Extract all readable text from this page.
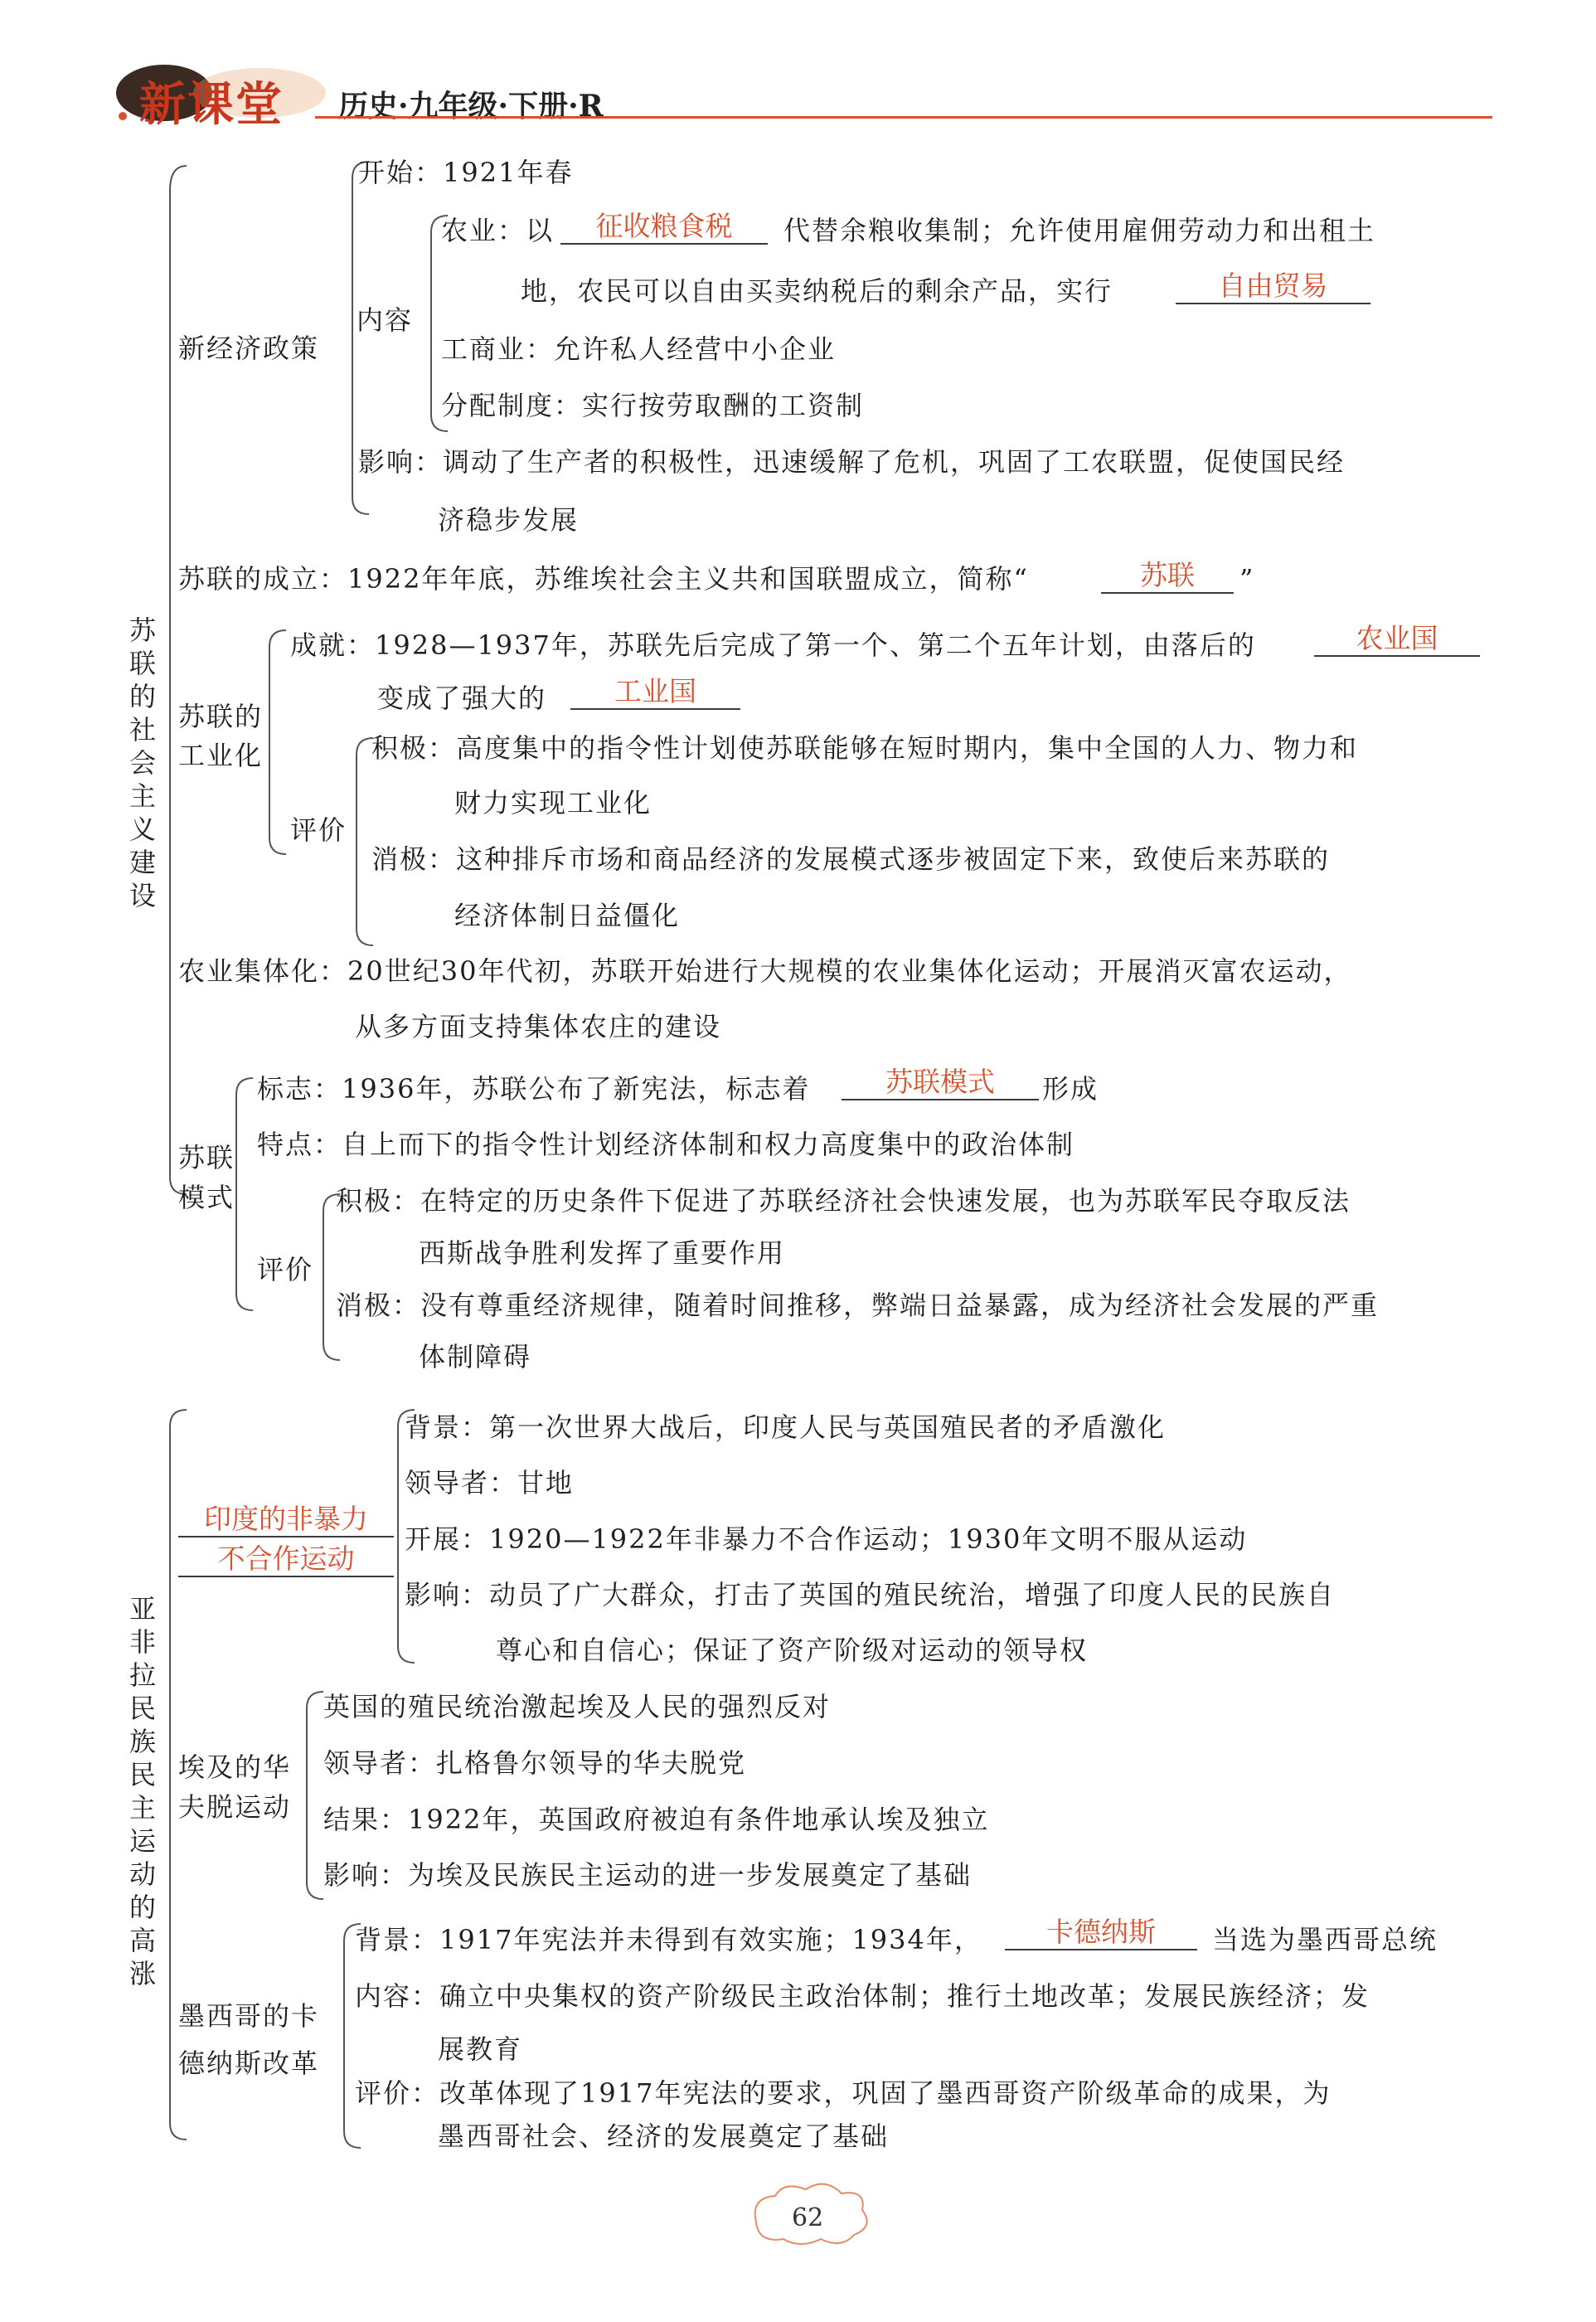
新课堂 历史·九年级·下册·R
苏联的社会主义建设
新经济政策
开始：1921年春
内容
农业：以	征收粮食税	代替余粮收集制；允许使用雇佣劳动力和出租土
地，农民可以自由买卖纳税后的剩余产品，实行	自由贸易
工商业：允许私人经营中小企业
分配制度：实行按劳取酬的工资制
影响：调动了生产者的积极性，迅速缓解了危机，巩固了工农联盟，促使国民经
济稳步发展
苏联的成立：1922年年底，苏维埃社会主义共和国联盟成立，简称“	苏联	”
苏联的
工业化
成就：1928—1937年，苏联先后完成了第一个、第二个五年计划，由落后的	农业国
变成了强大的	工业国
评价
积极：高度集中的指令性计划使苏联能够在短时期内，集中全国的人力、物力和
财力实现工业化
消极：这种排斥市场和商品经济的发展模式逐步被固定下来，致使后来苏联的
经济体制日益僵化
农业集体化：20世纪30年代初，苏联开始进行大规模的农业集体化运动；开展消灭富农运动，
从多方面支持集体农庄的建设
苏联
模式
标志：1936年，苏联公布了新宪法，标志着	苏联模式	形成
特点：自上而下的指令性计划经济体制和权力高度集中的政治体制
评价
积极：在特定的历史条件下促进了苏联经济社会快速发展，也为苏联军民夺取反法
西斯战争胜利发挥了重要作用
消极：没有尊重经济规律，随着时间推移，弊端日益暴露，成为经济社会发展的严重
体制障碍
亚非拉民族民主运动的高涨
印度的非暴力
不合作运动
背景：第一次世界大战后，印度人民与英国殖民者的矛盾激化
领导者：甘地
开展：1920—1922年非暴力不合作运动；1930年文明不服从运动
影响：动员了广大群众，打击了英国的殖民统治，增强了印度人民的民族自
尊心和自信心；保证了资产阶级对运动的领导权
埃及的华
夫脱运动
英国的殖民统治激起埃及人民的强烈反对
领导者：扎格鲁尔领导的华夫脱党
结果：1922年，英国政府被迫有条件地承认埃及独立
影响：为埃及民族民主运动的进一步发展奠定了基础
墨西哥的卡
德纳斯改革
背景：1917年宪法并未得到有效实施；1934年，	卡德纳斯	当选为墨西哥总统
内容：确立中央集权的资产阶级民主政治体制；推行土地改革；发展民族经济；发
展教育
评价：改革体现了1917年宪法的要求，巩固了墨西哥资产阶级革命的成果，为
墨西哥社会、经济的发展奠定了基础
62
